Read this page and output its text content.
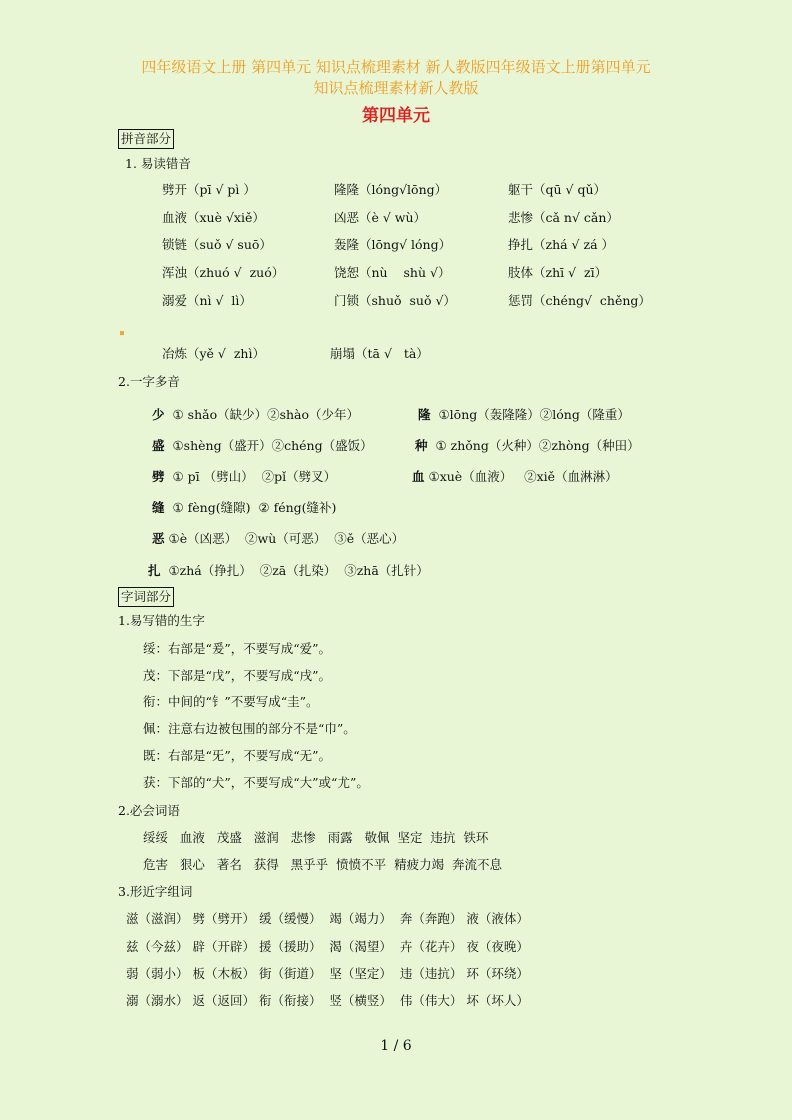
四年级语文上册 第四单元 知识点梳理素材 新人教版四年级语文上册第四单元
知识点梳理素材新人教版
第四单元
拼音部分
1. 易读错音
劈开（pī √ pì ）	隆隆（lóng√lōng）	躯干（qū √ qǔ）
血液（xuè √xiě）	凶恶（è √ wù）	悲惨（cǎ n√ cǎn）
锁链（suǒ √ suō）	轰隆（lōng√ lóng）	挣扎（zhá √ zá ）
浑浊（zhuó √  zuó）	饶恕（nù    shù √）	肢体（zhī √  zī）
溺爱（nì √  lì）	门锁（shuǒ  suǒ √）	惩罚（chéng√  chěng）
冶炼（yě √  zhì）	崩塌（tā √   tà）
2.一字多音
少 ① shǎo（缺少）②shào（少年）	隆 ①lōng（轰隆隆）②lóng（隆重）
盛 ①shèng（盛开）②chéng（盛饭）	种 ① zhǒng（火种）②zhòng（种田）
劈 ① pī （劈山）  ②pǐ（劈叉）	血 ①xuè（血液）   ②xiě（血淋淋）
缝 ① fèng(缝隙)  ② féng(缝补)
恶 ①è（凶恶）  ②wù（可恶）  ③ě（恶心）
扎 ①zhá（挣扎）  ②zā（扎染）  ③zhā（扎针）
字词部分
1.易写错的生字
绥：右部是“爰”，不要写成“爱”。
茂：下部是“戊”，不要写成“戌”。
衔：中间的“钅”不要写成“圭”。
佩：注意右边被包围的部分不是“巾”。
既：右部是“旡”，不要写成“无”。
获：下部的“犬”，不要写成“大”或“尤”。
2.必会词语
绥绥   血液   茂盛   滋润   悲惨   雨露   敬佩  坚定  违抗  铁环
危害   狠心   著名   获得   黑乎乎  愤愤不平  精疲力竭  奔流不息
3.形近字组词
滋（滋润） 劈（劈开） 缓（缓慢）  竭（竭力）  奔（奔跑） 液（液体）
兹（今兹） 辟（开辟） 援（援助）  渴（渴望）  卉（花卉） 夜（夜晚）
弱（弱小） 板（木板） 街（街道）  坚（坚定）  违（违抗） 环（环绕）
溺（溺水） 返（返回） 衔（衔接）  竖（横竖）  伟（伟大） 坏（坏人）
1 / 6
